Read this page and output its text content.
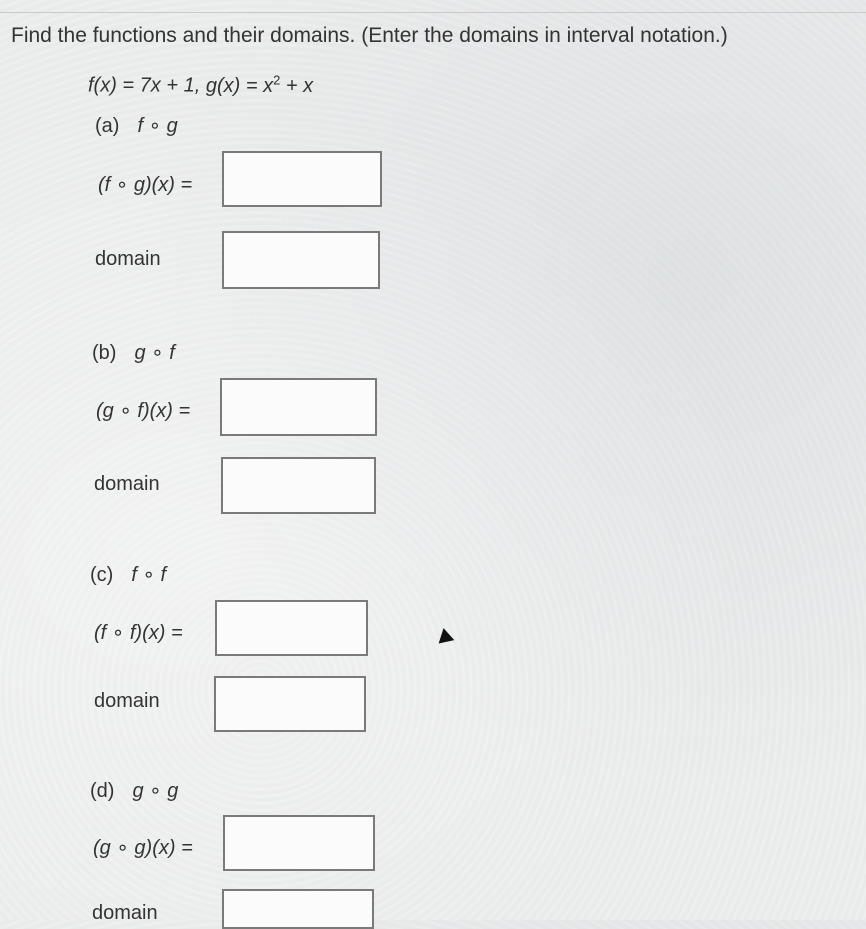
Find the functions and their domains. (Enter the domains in interval notation.)
f(x) = 7x + 1, $g(x) = x^2 + x$
(a) f ∘ g
(f ∘ g)(x) =
domain
(b) g ∘ f
(g ∘ f)(x) =
domain
(c) f ∘ f
(f ∘ f)(x) =
domain
(d) g ∘ g
(g ∘ g)(x) =
domain
